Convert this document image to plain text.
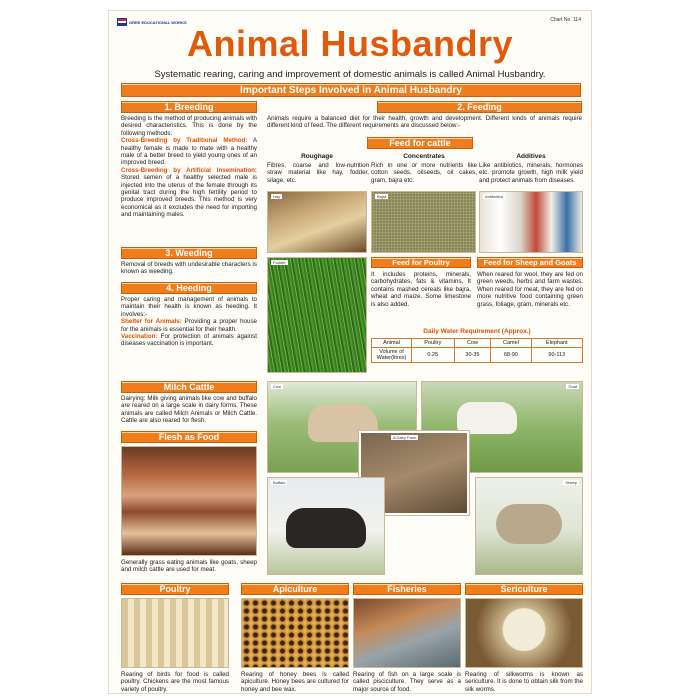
GREE EDUCATIONAL WORKS	Chart No. 114
Animal Husbandry
Systematic rearing, caring and improvement of domestic animals is called Animal Husbandry.
Important Steps Involved in Animal Husbandry
1. Breeding
Breeding is the method of producing animals with desired characteristics. This is done by the following methods:
Cross-Breeding by Traditional Method: A healthy female is made to mate with a healthy male of a better breed to yield young ones of an improved breed.
Cross-Breeding by Artificial Insemination: Stored semen of a healthy selected male is injected into the uterus of the female through its genital tract during the high fertility period to produce improved breeds. This method is very economical as it excludes the need for importing and maintaining males.
3. Weeding
Removal of breeds with undesirable characters is known as weeding.
4. Heeding
Proper caring and management of animals to maintain their health is known as heeding. It involves:-
Shelter for Animals: Providing a proper house for the animals is essential for their health.
Vaccination: For protection of animals against diseases vaccination is important.
2. Feeding
Animals require a balanced diet for their health, growth and development. Different kinds of animals require different kind of feed. The different requirements are discussed below:-
Feed for cattle
Roughage
Fibres, coarse and low-nutrition straw material like hay, fodder, silage, etc.
Concentrates
Rich in one or more nutrients like cotton seeds, oilseeds, oil cakes, gram, bajra etc.
Additives
Like antibiotics, minerals, hormones etc. promote growth, high milk yield and protect animals from diseases.
Hay	Bajra	Antibiotics
Fodder	Feed for Poultry
It includes proteins, minerals, carbohydrates, fats & vitamins. It contains mashed cereals like bajra, wheat and maize. Some limestone is also added.
Feed for Sheep and Goats
When reared for wool, they are fed on green weeds, herbs and farm wastes. When reared for meat, they are fed on more nutritive food containing green grass, foliage, gram, minerals etc.
Daily Water Requirement (Approx.)
Animal	Poultry	Cow	Camel	Elephant
Volume of Water(litres)	0.25	30-35	68-90	90-113
Milch Cattle
Dairying: Milk giving animals like cow and buffalo are reared on a large scale in dairy forms. These animals are called Milch Animals or Milch Cattle. Cattle are also reared for flesh.
Flesh as Food
Generally grass eating animals like goats, sheep and milch cattle are used for meat.
Cow	Goat
A Dairy Farm
Buffalo	Sheep
Poultry	Apiculture	Fisheries	Sericulture
Rearing of birds for food is called poultry. Chickens are the most famous variety of poultry.
Rearing of honey bees is called apiculture. Honey bees are cultured for honey and bee wax.
Rearing of fish on a large scale is called pisciculture. They serve as a major source of food.
Rearing of silkworms is known as sericulture. It is done to obtain silk from the silk worms.
